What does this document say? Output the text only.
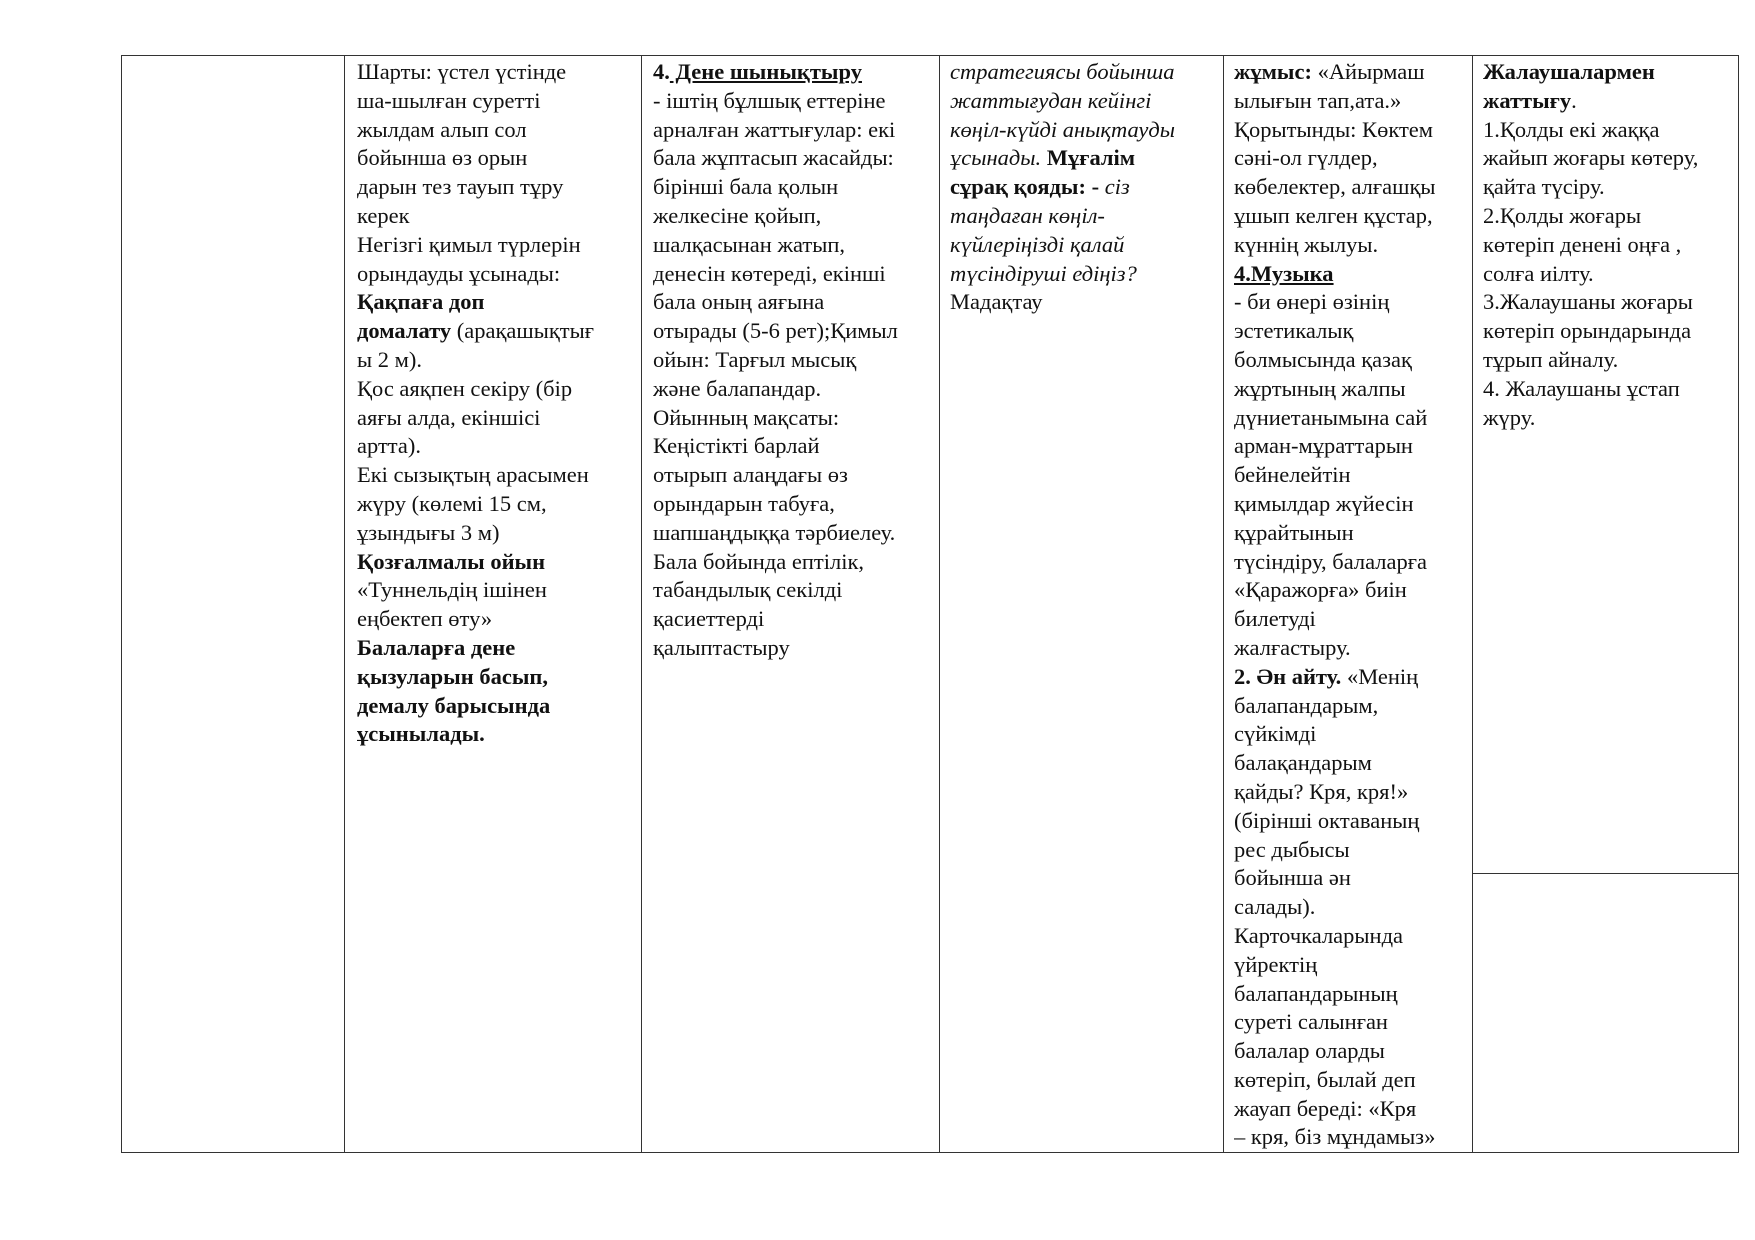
Шарты: үстел үстінде

ша-шылған суретті

жылдам алып сол

бойынша өз орын

дарын тез тауып тұру

керек

Негізгі қимыл түрлерін

орындауды ұсынады:

Қақпаға доп

домалату (арақашықтығ

ы 2 м).

Қос аяқпен секіру (бір

аяғы алда, екіншісі

артта).

Екі сызықтың арасымен

жүру (көлемі 15 см,

ұзындығы 3 м)

Қозғалмалы ойын

«Туннельдің ішінен

еңбектеп өту»

Балаларға дене

қызуларын басып,

демалу барысында

ұсынылады.

4. Дене шынықтыру

- іштің бұлшық еттеріне

арналған жаттығулар: екі

бала жұптасып жасайды:

бірінші бала қолын

желкесіне қойып,

шалқасынан жатып,

денесін көтереді, екінші

бала оның аяғына

отырады (5-6 рет);Қимыл

ойын: Тарғыл мысық

және балапандар.

Ойынның мақсаты:

Кеңістікті барлай

отырып алаңдағы өз

орындарын табуға,

шапшаңдыққа тәрбиелеу.

Бала бойында ептілік,

табандылық секілді

қасиеттерді

қалыптастыру

стратегиясы бойынша

жаттығудан кейінгі

көңіл-күйді анықтауды

ұсынады. Мұғалім

сұрақ қояды: - сіз

таңдаған көңіл-

күйлеріңізді қалай

түсіндіруші едіңіз?

Мадақтау

жұмыс: «Айырмаш

ылығын тап,ата.»

Қорытынды: Көктем

сәні-ол гүлдер,

көбелектер, алғашқы

ұшып келген құстар,

күннің жылуы.

4.Музыка

- би өнері өзінің

эстетикалық

болмысында қазақ

жұртының жалпы

дүниетанымына сай

арман-мұраттарын

бейнелейтін

қимылдар жүйесін

құрайтынын

түсіндіру, балаларға

«Қаражорға» биін

билетуді

жалғастыру.

2. Ән айту. «Менің

балапандарым,

сүйкімді

балақандарым

қайды? Кря, кря!»

(бірінші октаваның

рес дыбысы

бойынша ән

салады).

Карточкаларында

үйректің

балапандарының

суреті салынған

балалар оларды

көтеріп, былай деп

жауап береді: «Кря

– кря, біз мұндамыз»

Жалаушалармен

жаттығу.

1.Қолды екі жаққа

жайып жоғары көтеру,

қайта түсіру.

2.Қолды жоғары

көтеріп денені оңға ,

солға иілту.

3.Жалаушаны жоғары

көтеріп орындарында

тұрып айналу.

4. Жалаушаны ұстап

жүру.
